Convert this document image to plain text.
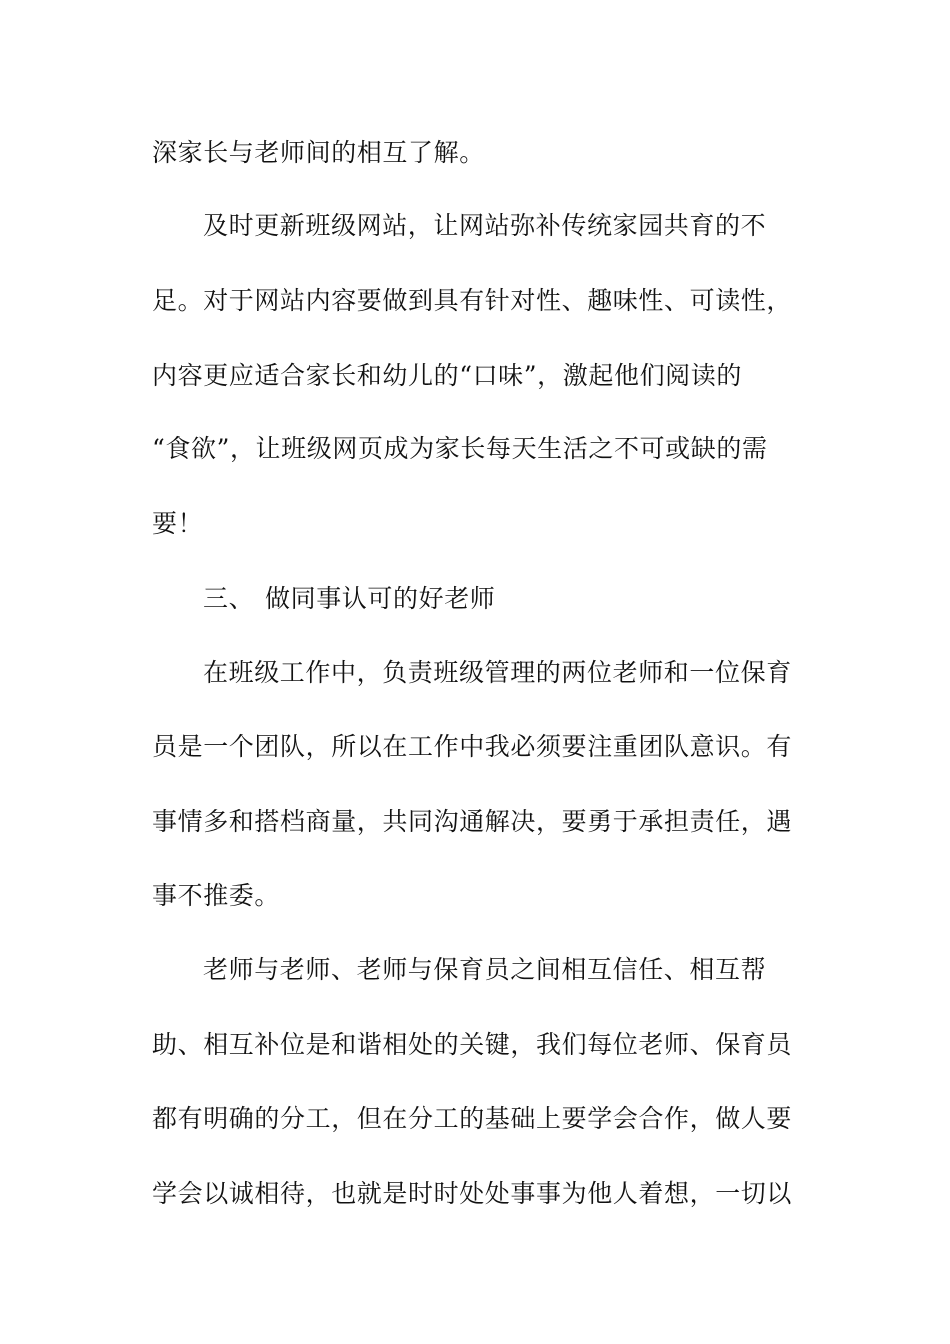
深家长与老师间的相互了解。
及时更新班级网站，让网站弥补传统家园共育的不
足。对于网站内容要做到具有针对性、趣味性、可读性，
内容更应适合家长和幼儿的“口味”，激起他们阅读的
“食欲”，让班级网页成为家长每天生活之不可或缺的需
要！
三、 做同事认可的好老师
在班级工作中，负责班级管理的两位老师和一位保育
员是一个团队，所以在工作中我必须要注重团队意识。有
事情多和搭档商量，共同沟通解决，要勇于承担责任，遇
事不推委。
老师与老师、老师与保育员之间相互信任、相互帮
助、相互补位是和谐相处的关键，我们每位老师、保育员
都有明确的分工，但在分工的基础上要学会合作，做人要
学会以诚相待，也就是时时处处事事为他人着想，一切以
